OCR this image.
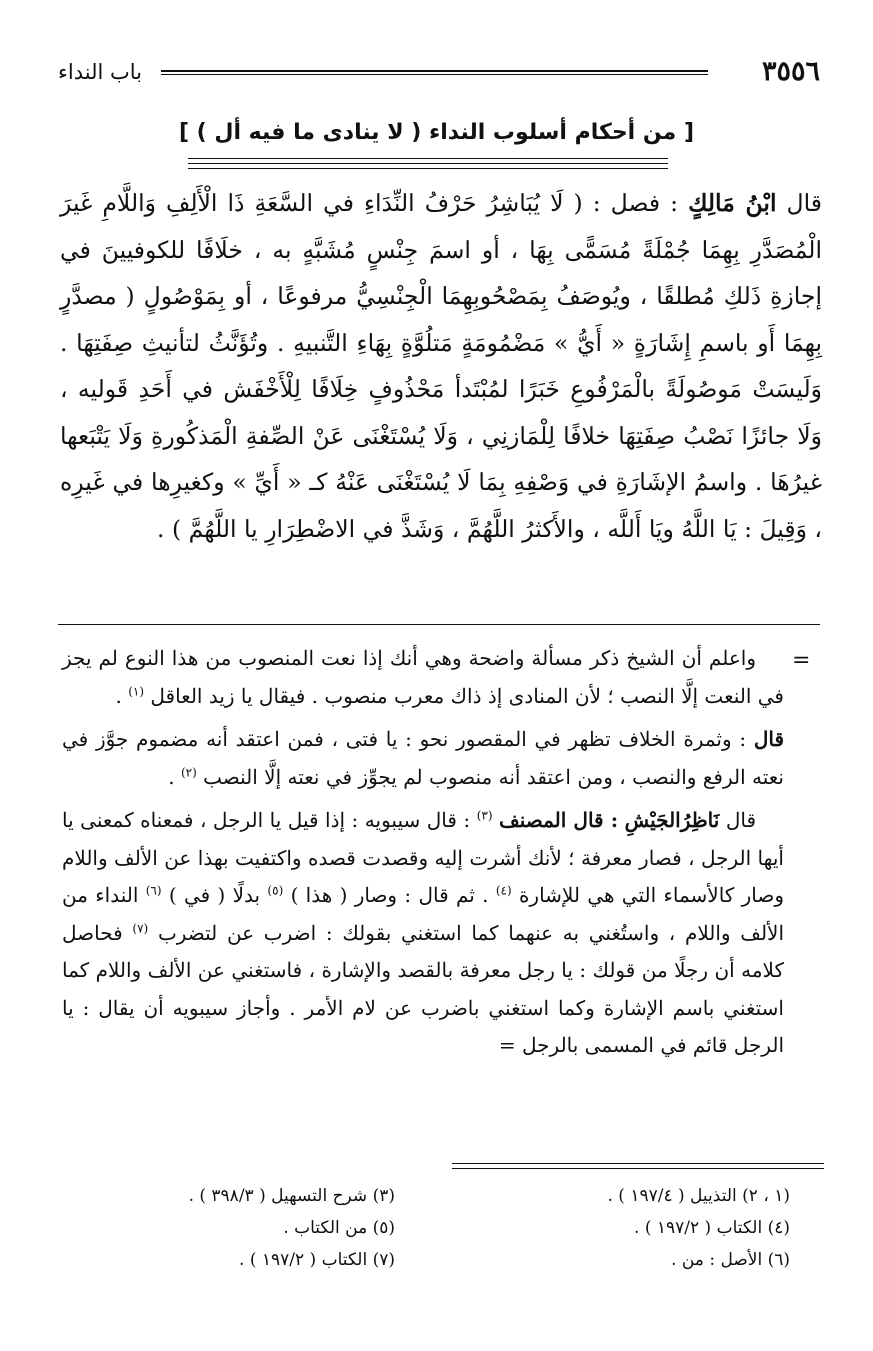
٣٥٥٦
باب النداء
[ من أحكام أسلوب النداء ( لا ينادى ما فيه أل ) ]

قال ابْنُ مَالِكٍ : فصل : ( لَا يُبَاشِرُ حَرْفُ النِّدَاءِ في السَّعَةِ ذَا الْأَلِفِ وَاللَّامِ غَيرَ الْمُصَدَّرِ بِهِمَا جُمْلَةً مُسَمًّى بِهَا ، أو اسمَ جِنْسٍ مُشَبَّهٍ به ، خلَافًا للكوفيينَ في إجازةِ ذَلكِ مُطلقًا ، ويُوصَفُ بِمَصْحُوبِهِمَا الْجِنْسِيُّ مرفوعًا ، أو بِمَوْصُولٍ ( مصدَّرٍ بِهِمَا أَو باسمِ إِشَارَةٍ « أَيُّ » مَضْمُومَةٍ مَتلُوَّةٍ بِهَاءِ التَّنبيهِ . وتُؤَنَّثُ لتأنيثِ صِفَتِهَا . وَلَيسَتْ مَوصُولَةً بالْمَرْفُوعِ خَبَرًا لمُبْتَدأ مَحْذُوفٍ خِلَافًا لِلْأَخْفَش في أَحَدِ قَوليه ، وَلَا جائزًا نَصْبُ صِفَتِهَا خلافًا لِلْمَازنِي ، وَلَا يُسْتَغْنَى عَنْ الصِّفةِ الْمَذكُورةِ وَلَا يَتْبَعها غيرُهَا . واسمُ الإشَارَةِ في وَصْفِهِ بِمَا لَا يُسْتَغْنَى عَنْهُ كـ « أَيِّ » وكغيرِها في غَيرِه ، وَقِيلَ : يَا اللَّهُ ويَا أَللَّه ، والأَكثرُ اللَّهُمَّ ، وَشَذَّ في الاضْطِرَارِ يا اللَّهُمَّ ) .

=

واعلم أن الشيخ ذكر مسألة واضحة وهي أنك إذا نعت المنصوب من هذا النوع لم يجز في النعت إلَّا النصب ؛ لأن المنادى إذ ذاك معرب منصوب . فيقال يا زيد العاقل $^{(١)}$ .

قال : وثمرة الخلاف تظهر في المقصور نحو : يا فتى ، فمن اعتقد أنه مضموم جوَّز في نعته الرفع والنصب ، ومن اعتقد أنه منصوب لم يجوِّز في نعته إلَّا النصب $^{(٢)}$ .

قال نَاظِرُالجَيْشِ : قال المصنف $^{(٣)}$ : قال سيبويه : إذا قيل يا الرجل ، فمعناه كمعنى يا أيها الرجل ، فصار معرفة ؛ لأنك أشرت إليه وقصدت قصده واكتفيت بهذا عن الألف واللام وصار كالأسماء التي هي للإشارة $^{(٤)}$ . ثم قال : وصار ( هذا ) $^{(٥)}$ بدلًا ( في ) $^{(٦)}$ النداء من الألف واللام ، واستُغني به عنهما كما استغني بقولك : اضرب عن لتضرب $^{(٧)}$ فحاصل كلامه أن رجلًا من قولك : يا رجل معرفة بالقصد والإشارة ، فاستغني عن الألف واللام كما استغني باسم الإشارة وكما استغني باضرب عن لام الأمر . وأجاز سيبويه أن يقال : يا الرجل قائم في المسمى بالرجل =

(١ ، ٢) التذييل ( ١٩٧/٤ ) .
(٣) شرح التسهيل ( ٣٩٨/٣ ) .
(٤) الكتاب ( ١٩٧/٢ ) .
(٥) من الكتاب .
(٦) الأصل : من .
(٧) الكتاب ( ١٩٧/٢ ) .
